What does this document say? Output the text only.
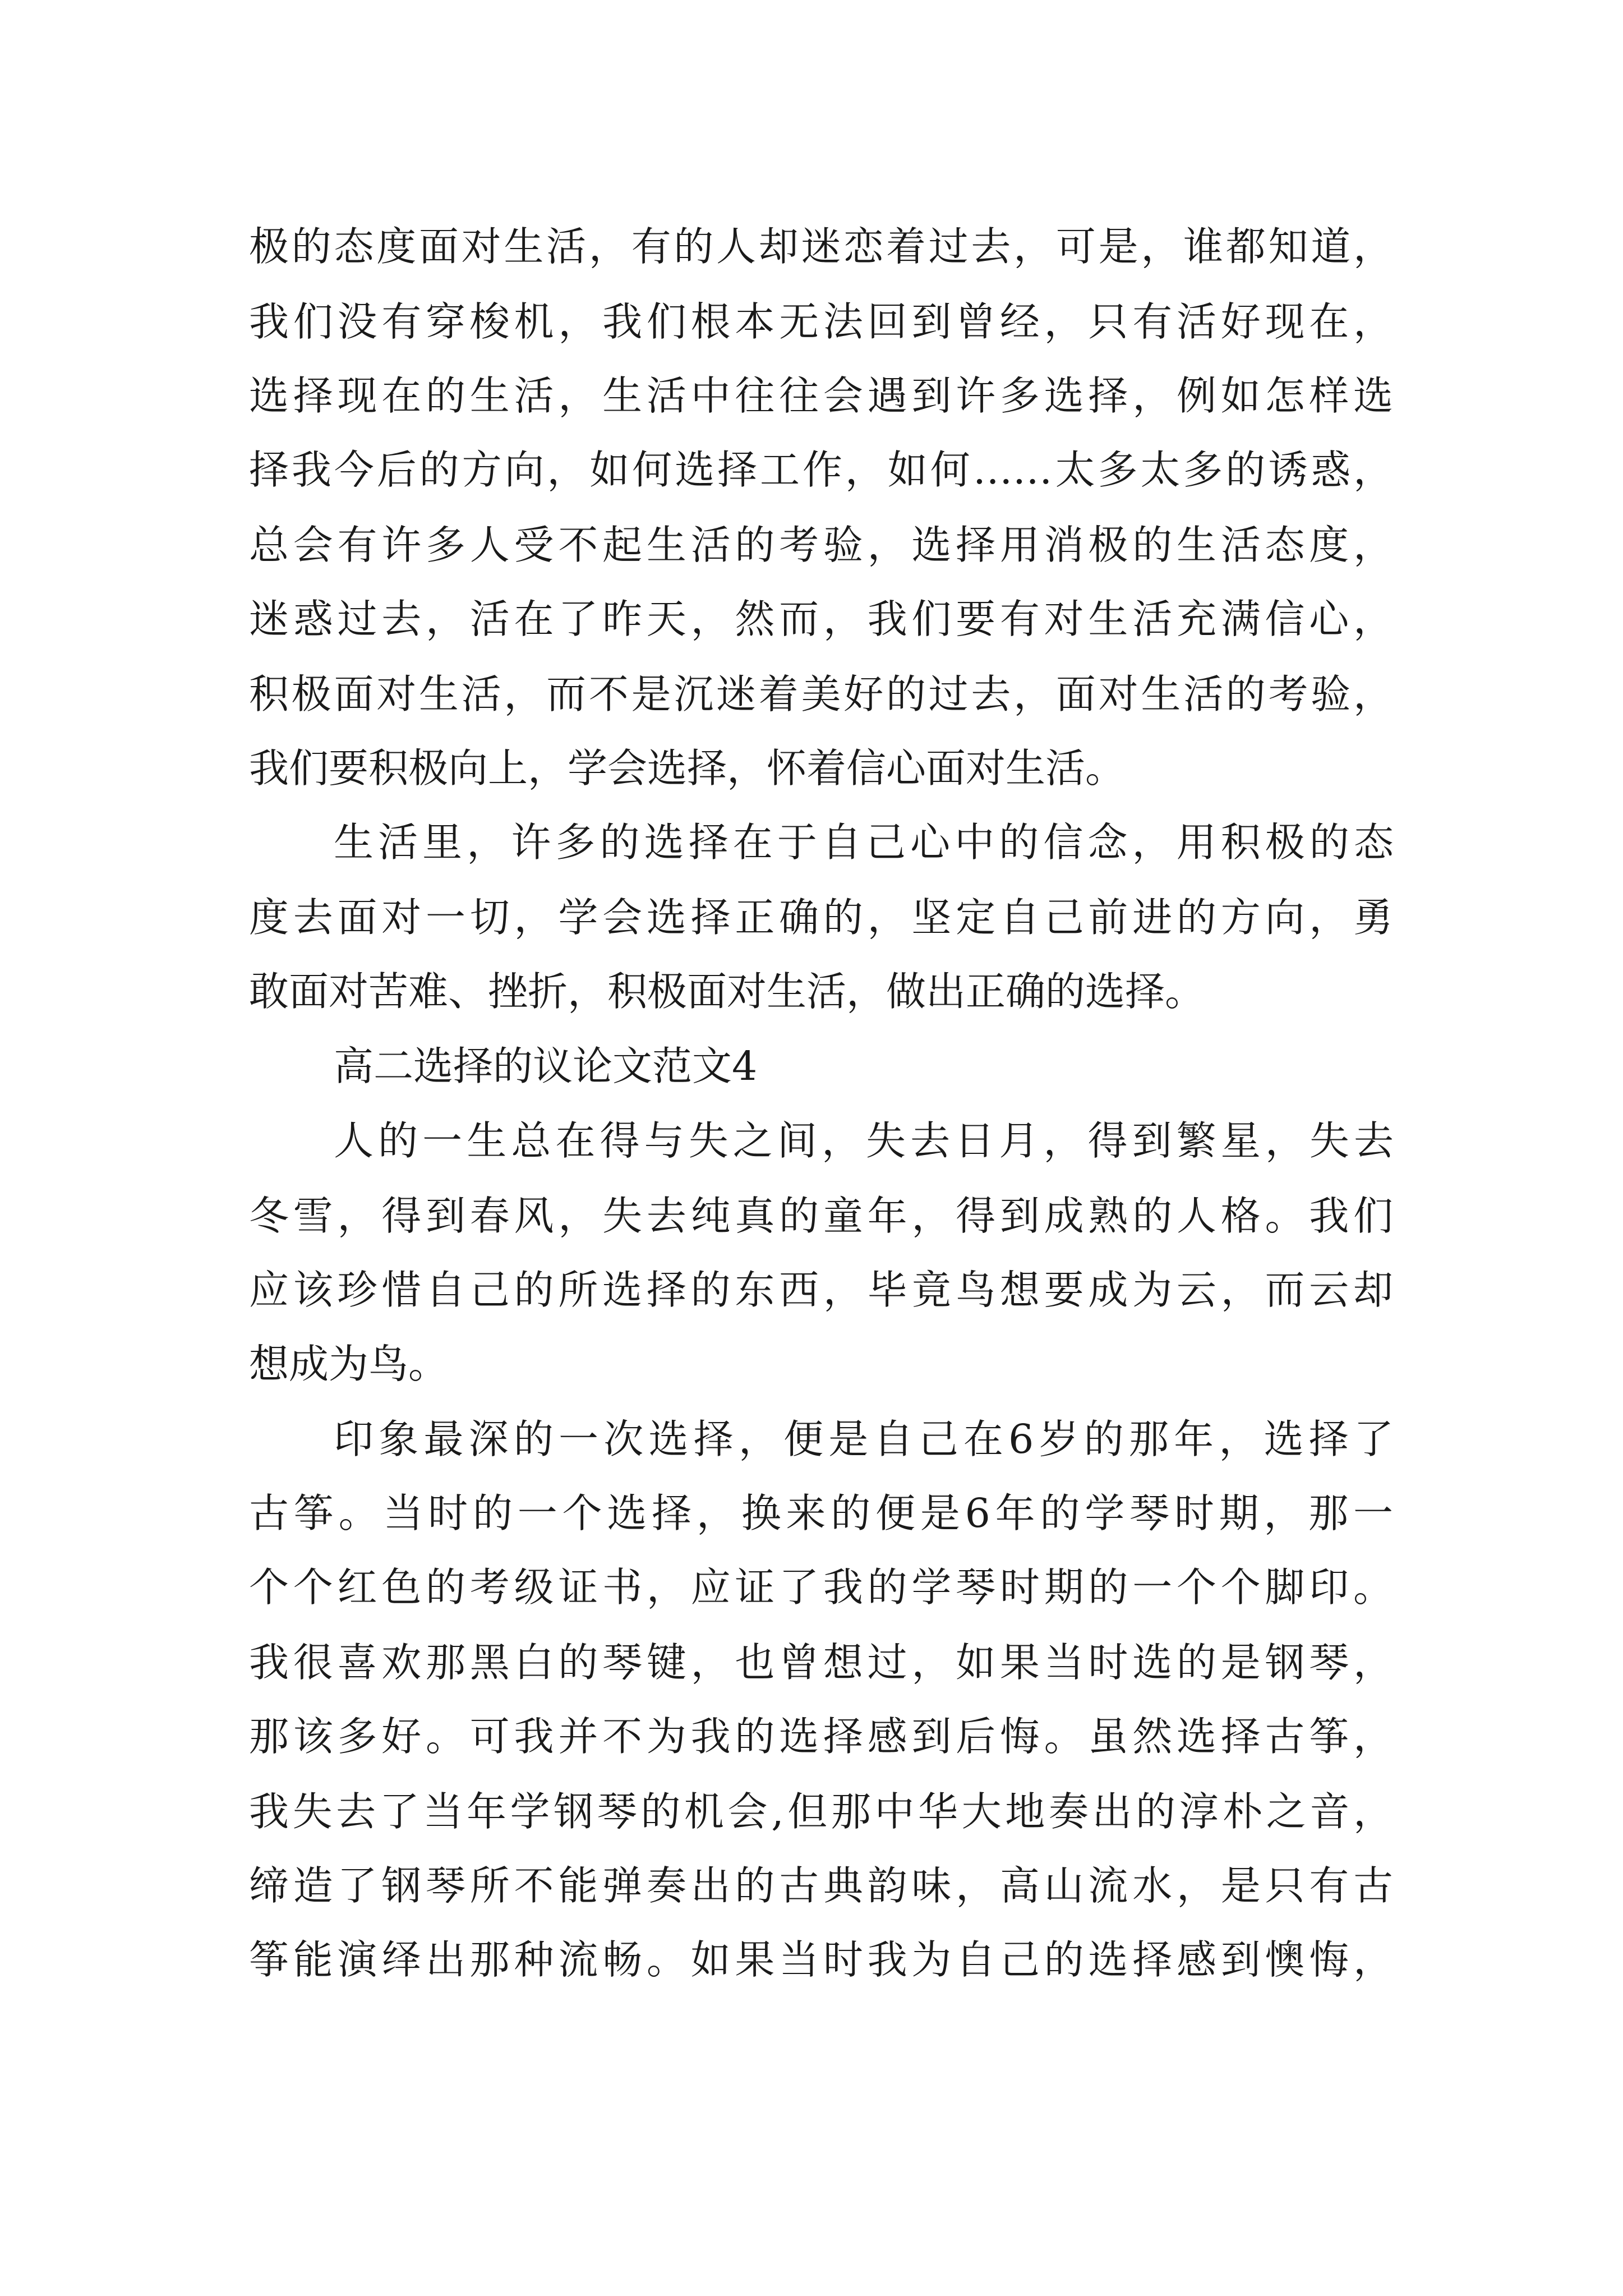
极的态度面对生活，有的人却迷恋着过去，可是，谁都知道，
我们没有穿梭机，我们根本无法回到曾经，只有活好现在，
选择现在的生活，生活中往往会遇到许多选择，例如怎样选
择我今后的方向，如何选择工作，如何……太多太多的诱惑，
总会有许多人受不起生活的考验，选择用消极的生活态度，
迷惑过去，活在了昨天，然而，我们要有对生活充满信心，
积极面对生活，而不是沉迷着美好的过去，面对生活的考验，
我们要积极向上，学会选择，怀着信心面对生活。
生活里，许多的选择在于自己心中的信念，用积极的态
度去面对一切，学会选择正确的，坚定自己前进的方向，勇
敢面对苦难、挫折，积极面对生活，做出正确的选择。
高二选择的议论文范文4
人的一生总在得与失之间，失去日月，得到繁星，失去
冬雪，得到春风，失去纯真的童年，得到成熟的人格。我们
应该珍惜自己的所选择的东西，毕竟鸟想要成为云，而云却
想成为鸟。
印象最深的一次选择，便是自己在6岁的那年，选择了
古筝。当时的一个选择，换来的便是6年的学琴时期，那一
个个红色的考级证书，应证了我的学琴时期的一个个脚印。
我很喜欢那黑白的琴键，也曾想过，如果当时选的是钢琴，
那该多好。可我并不为我的选择感到后悔。虽然选择古筝，
我失去了当年学钢琴的机会,但那中华大地奏出的淳朴之音，
缔造了钢琴所不能弹奏出的古典韵味，高山流水，是只有古
筝能演绎出那种流畅。如果当时我为自己的选择感到懊悔，
